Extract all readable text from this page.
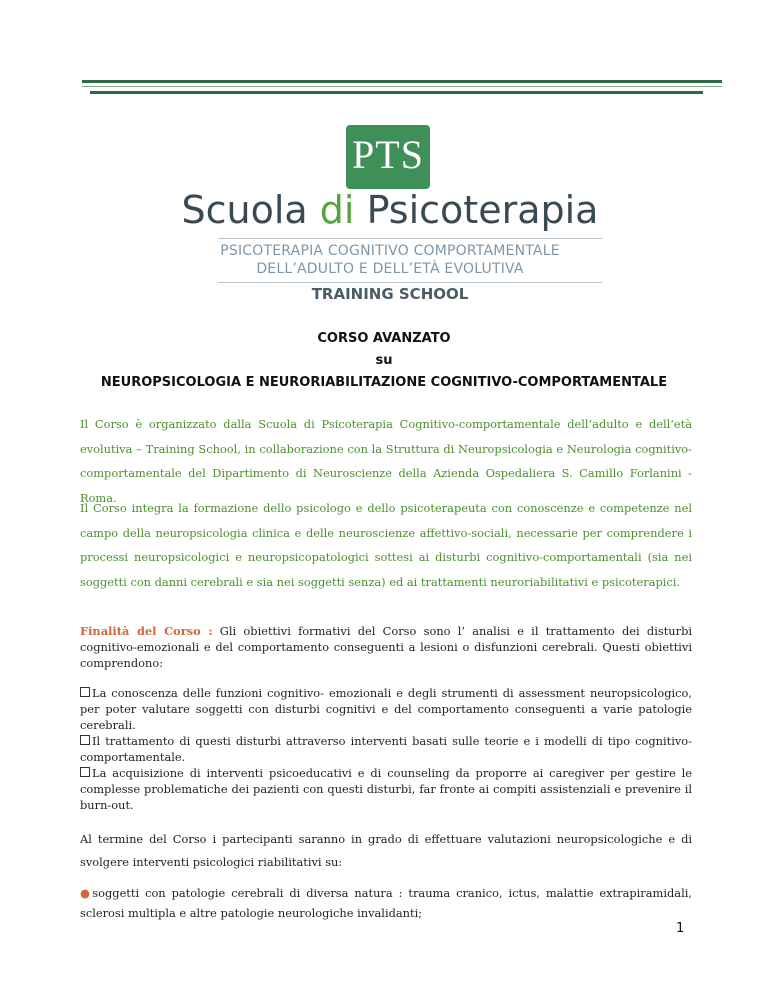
PTS
Scuola di Psicoterapia
PSICOTERAPIA COGNITIVO COMPORTAMENTALE
DELL’ADULTO E DELL’ETÀ EVOLUTIVA
TRAINING SCHOOL
CORSO AVANZATO
su
NEUROPSICOLOGIA E NEURORIABILITAZIONE COGNITIVO-COMPORTAMENTALE

Il Corso è organizzato dalla Scuola di Psicoterapia Cognitivo-comportamentale dell’adulto e dell’età evolutiva – Training School, in collaborazione con la Struttura di Neuropsicologia e Neurologia cognitivo-comportamentale del Dipartimento di Neuroscienze della Azienda Ospedaliera S. Camillo Forlanini -Roma.

Il Corso integra la formazione dello psicologo e dello psicoterapeuta con conoscenze e competenze nel campo della neuropsicologia clinica e delle neuroscienze affettivo-sociali, necessarie per comprendere i processi neuropsicologici e neuropsicopatologici sottesi ai disturbi cognitivo-comportamentali (sia nei soggetti con danni cerebrali e sia nei soggetti senza) ed ai trattamenti neuroriabilitativi e psicoterapici.

Finalità del Corso : Gli obiettivi formativi del Corso sono l’ analisi e il trattamento dei disturbi cognitivo-emozionali e del comportamento conseguenti a lesioni o disfunzioni cerebrali. Questi obiettivi comprendono:

La conoscenza delle funzioni cognitivo- emozionali e degli strumenti di assessment neuropsicologico, per poter valutare soggetti con disturbi cognitivi e del comportamento conseguenti a varie patologie cerebrali.

Il trattamento di questi disturbi attraverso interventi basati sulle teorie e i modelli di tipo cognitivo-comportamentale.

La acquisizione di interventi psicoeducativi e di counseling da proporre ai caregiver per gestire le complesse problematiche dei pazienti con questi disturbi, far fronte ai compiti assistenziali e prevenire il burn-out.

Al termine del Corso i partecipanti saranno in grado di effettuare valutazioni neuropsicologiche e di svolgere interventi psicologici riabilitativi su:

●soggetti con patologie cerebrali di diversa natura : trauma cranico, ictus, malattie extrapiramidali, sclerosi multipla e altre patologie neurologiche invalidanti;

1
